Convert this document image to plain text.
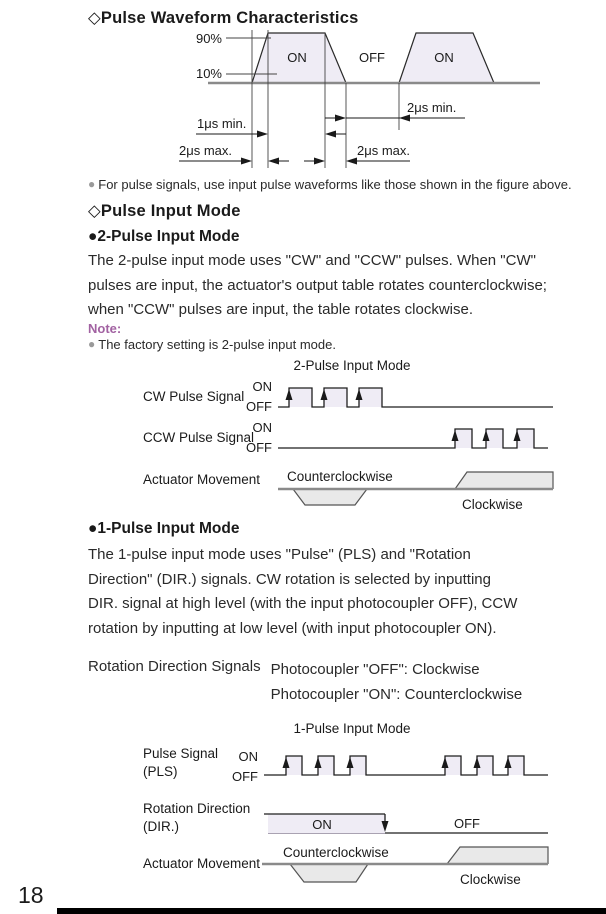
◇Pulse Waveform Characteristics
90%
10%
ON	OFF	ON
2μs min.
1μs min.
2μs max.	2μs max.
● For pulse signals, use input pulse waveforms like those shown in the figure above.
◇Pulse Input Mode
●2-Pulse Input Mode
The 2-pulse input mode uses "CW" and "CCW" pulses. When "CW"
pulses are input, the actuator's output table rotates counterclockwise;
when "CCW" pulses are input, the table rotates clockwise.
Note:
● The factory setting is 2-pulse input mode.
2-Pulse Input Mode
CW Pulse Signal
ON
OFF
CCW Pulse Signal
ON
OFF
Actuator Movement Counterclockwise
Clockwise
●1-Pulse Input Mode
The 1-pulse input mode uses "Pulse" (PLS) and "Rotation
Direction" (DIR.) signals. CW rotation is selected by inputting
DIR. signal at high level (with the input photocoupler OFF), CCW
rotation by inputting at low level (with input photocoupler ON).
Rotation Direction Signals Photocoupler "OFF": Clockwise
Photocoupler "ON": Counterclockwise
1-Pulse Input Mode
Pulse Signal
(PLS)
ON
OFF
Rotation Direction
(DIR.)	ON	OFF
Actuator Movement
Counterclockwise
Clockwise
18
